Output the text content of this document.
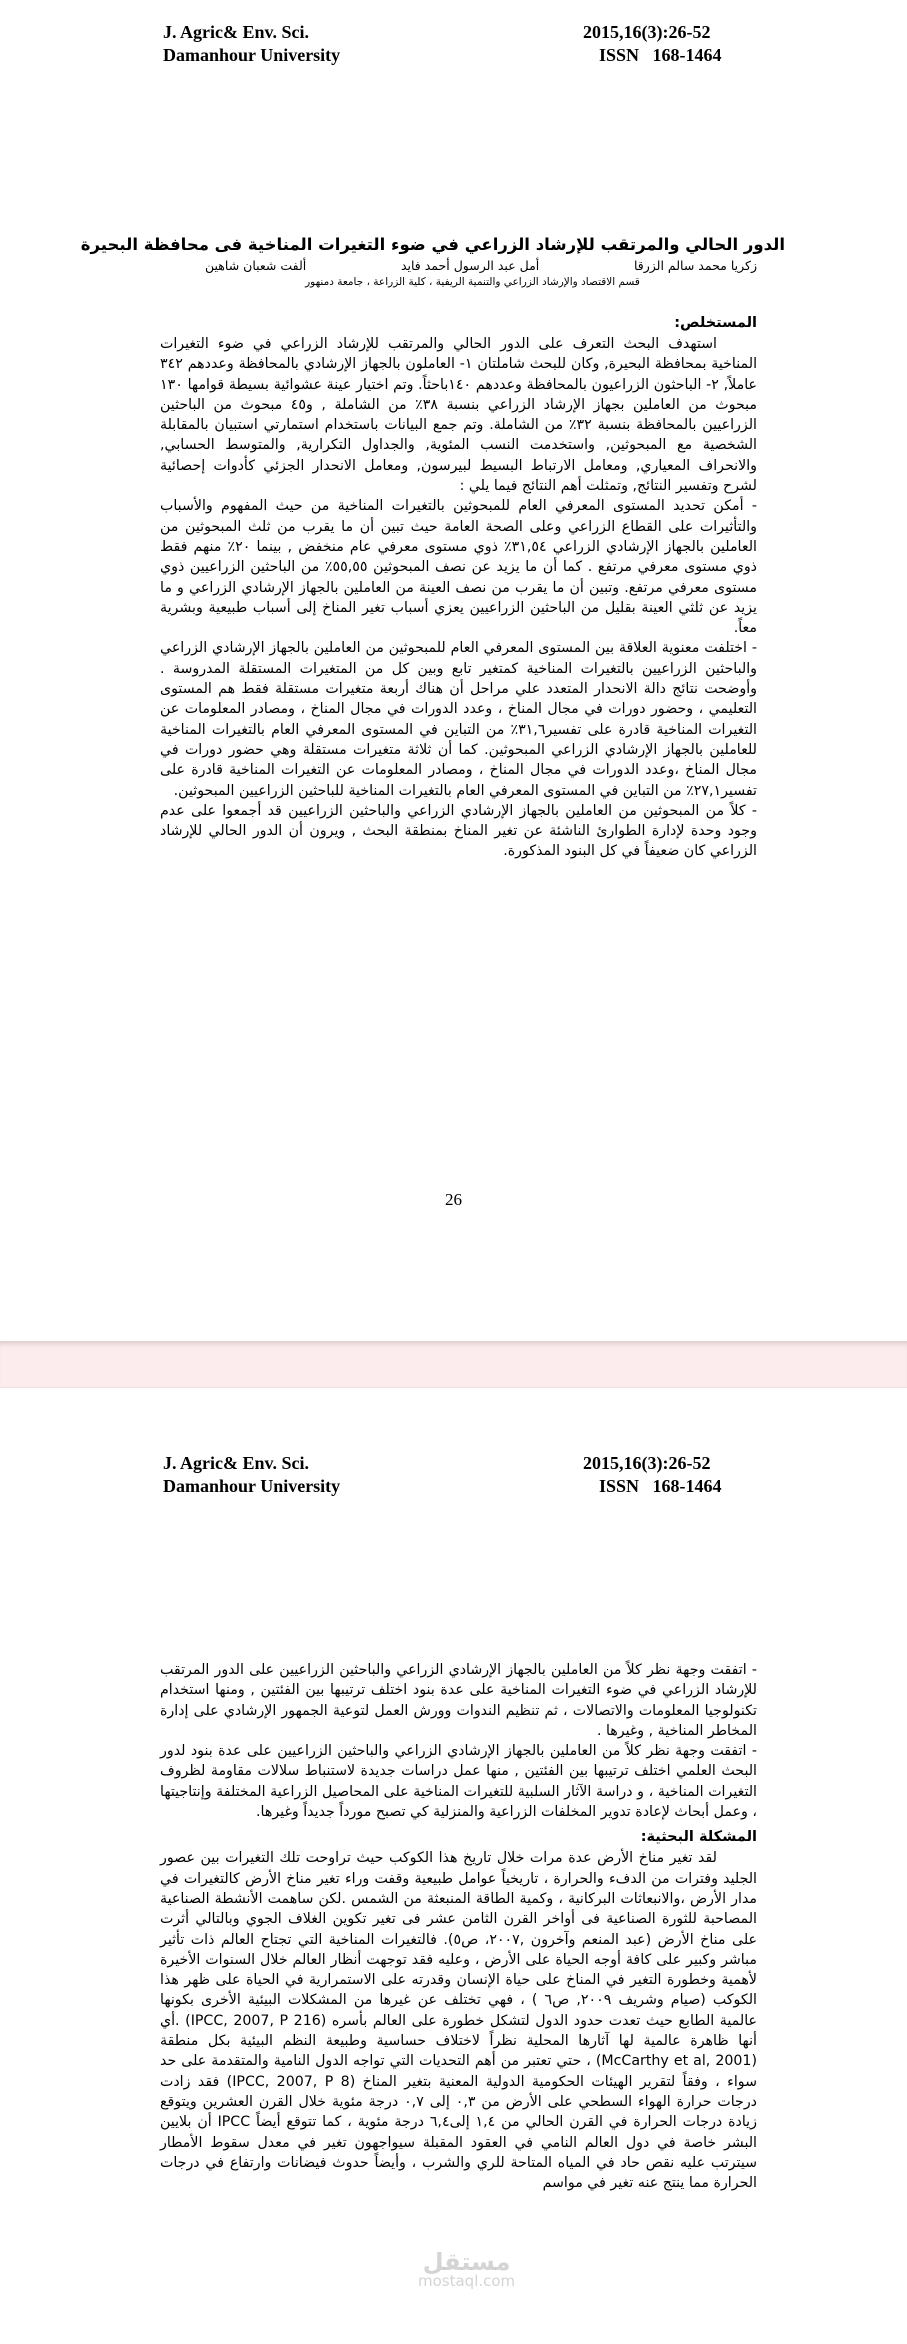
J. Agric& Env. Sci.
Damanhour University
2015,16(3):26-52
ISSN   168-1464
الدور الحالي والمرتقب للإرشاد الزراعي في ضوء التغيرات المناخية فى محافظة البحيرة
زكريا محمد سالم الزرقا
أمل عبد الرسول أحمد فايد
ألفت شعبان شاهين
قسم الاقتصاد والإرشاد الزراعي والتنمية الريفية ، كلية الزراعة ، جامعة دمنهور
المستخلص:

استهدف البحث التعرف على الدور الحالي والمرتقب للإرشاد الزراعي في ضوء التغيرات المناخية بمحافظة البحيرة, وكان للبحث شاملتان ١- العاملون بالجهاز الإرشادي بالمحافظة وعددهم ٣٤٢ عاملاً, ٢- الباحثون الزراعيون بالمحافظة وعددهم ١٤٠باحثاً. وتم اختيار عينة عشوائية بسيطة قوامها ١٣٠ مبحوث من العاملين بجهاز الإرشاد الزراعي بنسبة ٣٨٪ من الشاملة , و٤٥ مبحوث من الباحثين الزراعيين بالمحافظة بنسبة ٣٢٪ من الشاملة. وتم جمع البيانات باستخدام استمارتي استبيان بالمقابلة الشخصية مع المبحوثين, واستخدمت النسب المئوية, والجداول التكرارية, والمتوسط الحسابي, والانحراف المعياري, ومعامل الارتباط البسيط لبيرسون, ومعامل الانحدار الجزئي كأدوات إحصائية لشرح وتفسير النتائج, وتمثلت أهم النتائج فيما يلي :

- أمكن تحديد المستوى المعرفي العام للمبحوثين بالتغيرات المناخية من حيث المفهوم والأسباب والتأثيرات على القطاع الزراعي وعلى الصحة العامة حيث تبين أن ما يقرب من ثلث المبحوثين من العاملين بالجهاز الإرشادي الزراعي ٣١,٥٤٪ ذوي مستوى معرفي عام منخفض , بينما ٢٠٪ منهم فقط ذوي مستوى معرفي مرتفع . كما أن ما يزيد عن نصف المبحوثين ٥٥,٥٥٪ من الباحثين الزراعيين ذوي مستوى معرفي مرتفع. وتبين أن ما يقرب من نصف العينة من العاملين بالجهاز الإرشادي الزراعي و ما يزيد عن ثلثي العينة بقليل من الباحثين الزراعيين يعزي أسباب تغير المناخ إلى أسباب طبيعية وبشرية معاً.

- اختلفت معنوية العلاقة بين المستوى المعرفي العام للمبحوثين من العاملين بالجهاز الإرشادي الزراعي والباحثين الزراعيين بالتغيرات المناخية كمتغير تابع وبين كل من المتغيرات المستقلة المدروسة . وأوضحت نتائج دالة الانحدار المتعدد علي مراحل أن هناك أربعة متغيرات مستقلة فقط هم المستوى التعليمي ، وحضور دورات في مجال المناخ ، وعدد الدورات في مجال المناخ ، ومصادر المعلومات عن التغيرات المناخية قادرة على تفسير٣١,٦٪ من التباين في المستوى المعرفي العام بالتغيرات المناخية للعاملين بالجهاز الإرشادي الزراعي المبحوثين. كما أن ثلاثة متغيرات مستقلة وهي حضور دورات في مجال المناخ ،وعدد الدورات في مجال المناخ ، ومصادر المعلومات عن التغيرات المناخية قادرة على تفسير٢٧,١٪ من التباين في المستوى المعرفي العام بالتغيرات المناخية للباحثين الزراعيين المبحوثين.

- كلاً من المبحوثين من العاملين بالجهاز الإرشادي الزراعي والباحثين الزراعيين قد أجمعوا على عدم وجود وحدة لإدارة الطوارئ الناشئة عن تغير المناخ بمنطقة البحث , ويرون أن الدور الحالي للإرشاد الزراعي كان ضعيفاً في كل البنود المذكورة.

26
J. Agric& Env. Sci.
Damanhour University
2015,16(3):26-52
ISSN   168-1464

- اتفقت وجهة نظر كلاً من العاملين بالجهاز الإرشادي الزراعي والباحثين الزراعيين على الدور المرتقب للإرشاد الزراعي في ضوء التغيرات المناخية على عدة بنود اختلف ترتيبها بين الفئتين , ومنها استخدام تكنولوجيا المعلومات والاتصالات ، ثم تنظيم الندوات وورش العمل لتوعية الجمهور الإرشادي على إدارة المخاطر المناخية , وغيرها .

- اتفقت وجهة نظر كلاً من العاملين بالجهاز الإرشادي الزراعي والباحثين الزراعيين على عدة بنود لدور البحث العلمي اختلف ترتيبها بين الفئتين , منها عمل دراسات جديدة لاستنباط سلالات مقاومة لظروف التغيرات المناخية ، و دراسة الآثار السلبية للتغيرات المناخية على المحاصيل الزراعية المختلفة وإنتاجيتها ، وعمل أبحاث لإعادة تدوير المخلفات الزراعية والمنزلية كي تصبح مورداً جديداً وغيرها.

المشكلة البحثية:

لقد تغير مناخ الأرض عدة مرات خلال تاريخ هذا الكوكب حيث تراوحت تلك التغيرات بين عصور الجليد وفترات من الدفء والحرارة ، تاريخياً عوامل طبيعية وقفت وراء تغير مناخ الأرض كالتغيرات في مدار الأرض ،والانبعاثات البركانية ، وكمية الطاقة المنبعثة من الشمس .لكن ساهمت الأنشطة الصناعية المصاحبة للثورة الصناعية فى أواخر القرن الثامن عشر فى تغير تكوين الغلاف الجوي وبالتالي أثرت على مناخ الأرض (عبد المنعم وآخرون ,٢٠٠٧، ص٥). فالتغيرات المناخية التي تجتاح العالم ذات تأثير مباشر وكبير على كافة أوجه الحياة على الأرض ، وعليه فقد توجهت أنظار العالم خلال السنوات الأخيرة لأهمية وخطورة التغير في المناخ على حياة الإنسان وقدرته على الاستمرارية في الحياة على ظهر هذا الكوكب (صيام وشريف ٢٠٠٩, ص٦ ) ، فهي تختلف عن غيرها من المشكلات البيئية الأخرى بكونها عالمية الطابع حيث تعدت حدود الدول لتشكل خطورة على العالم بأسره (IPCC, 2007, P 216) .أي أنها ظاهرة عالمية لها آثارها المحلية نظراً لاختلاف حساسية وطبيعة النظم البيئية بكل منطقة (McCarthy et al, 2001) ، حتي تعتبر من أهم التحديات التي تواجه الدول النامية والمتقدمة على حد سواء ، وفقاً لتقرير الهيئات الحكومية الدولية المعنية بتغير المناخ (IPCC, 2007, P 8) فقد زادت درجات حرارة الهواء السطحي على الأرض من ٠,٣ إلى ٠,٧ درجة مئوية خلال القرن العشرين ويتوقع زيادة درجات الحرارة في القرن الحالي من ١,٤ إلى٦,٤ درجة مئوية ، كما تتوقع أيضاً IPCC أن بلايين البشر خاصة في دول العالم النامي في العقود المقبلة سيواجهون تغير في معدل سقوط الأمطار سيترتب عليه نقص حاد في المياه المتاحة للري والشرب ، وأيضاً حدوث فيضانات وارتفاع في درجات الحرارة مما ينتج عنه تغير في مواسم

مستقل
mostaql.com
